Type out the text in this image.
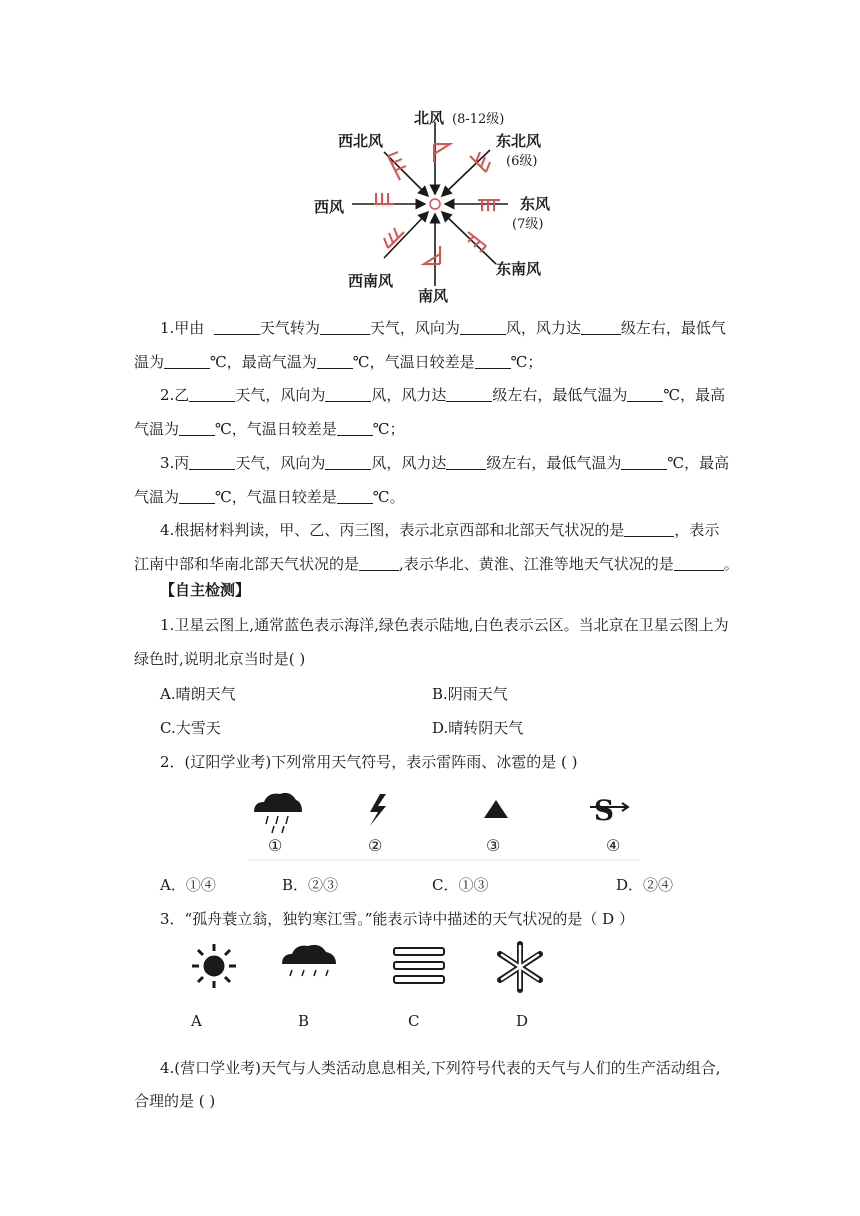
北风 (8-12级)
西北风	东北风
(6级)
西风	东风
(7级)
西南风
南风
东南风
1.甲由	天气转为	天气，风向为	风，风力达	级左右，最低气
温为	℃，最高气温为 ℃，气温日较差是 ℃；
2.乙	天气，风向为	风，风力达	级左右，最低气温为 ℃，最高
气温为 ℃，气温日较差是 ℃；
3.丙	天气，风向为	风，风力达	级左右，最低气温为	℃，最高
气温为 ℃，气温日较差是 ℃。
4.根据材料判读，甲、乙、丙三图，表示北京西部和北部天气状况的是	，表示
江南中部和华南北部天气状况的是	,表示华北、黄淮、江淮等地天气状况的是	。
【自主检测】
1.卫星云图上,通常蓝色表示海洋,绿色表示陆地,白色表示云区。当北京在卫星云图上为
绿色时,说明北京当时是( )
A.晴朗天气	B.阴雨天气
C.大雪天	D.晴转阴天气
2．(辽阳学业考)下列常用天气符号，表示雷阵雨、冰雹的是 ( )
S
①	②	③	④
A．①④	B．②③	C．①③	D．②④
3．“孤舟蓑立翁，独钓寒江雪。”能表示诗中描述的天气状况的是（ D ）
A	B	C	D
4.(营口学业考)天气与人类活动息息相关,下列符号代表的天气与人们的生产活动组合,
合理的是 ( )
